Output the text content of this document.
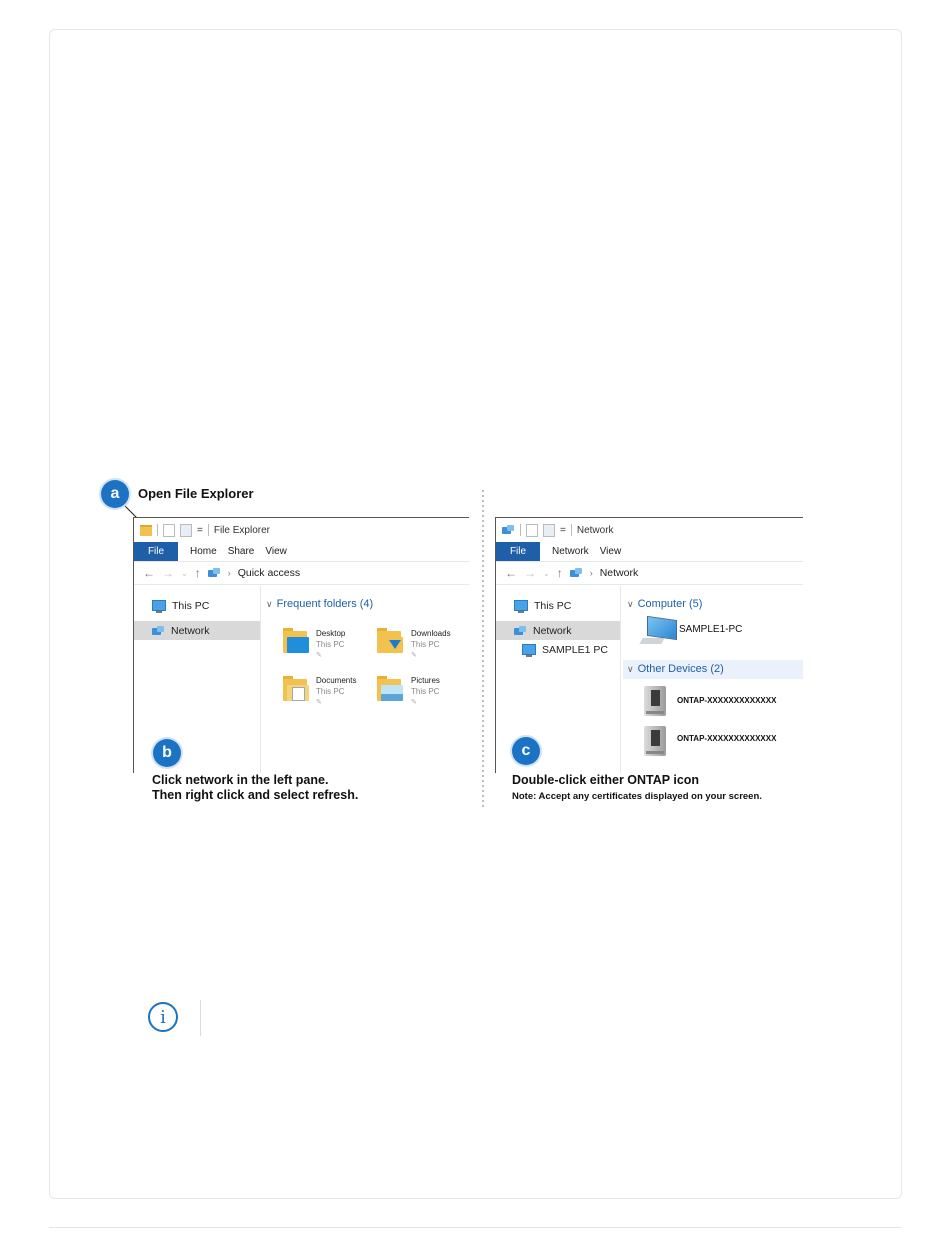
a	Open File Explorer
= File Explorer
File	Home Share View
← → ⌄ ↑	› Quick access
This PC
Network
∨ Frequent folders (4)
Desktop
This PC
✎
Downloads
This PC
✎
Documents
This PC
✎
Pictures
This PC
✎
b
Click network in the left pane.
Then right click and select refresh.
= Network
File	Network View
← → ⌄ ↑	› Network
This PC
Network
SAMPLE1 PC
∨ Computer (5)
SAMPLE1-PC
∨ Other Devices (2)
ONTAP-XXXXXXXXXXXXX
ONTAP-XXXXXXXXXXXXX
c
Double-click either ONTAP icon
Note: Accept any certificates displayed on your screen.
i
